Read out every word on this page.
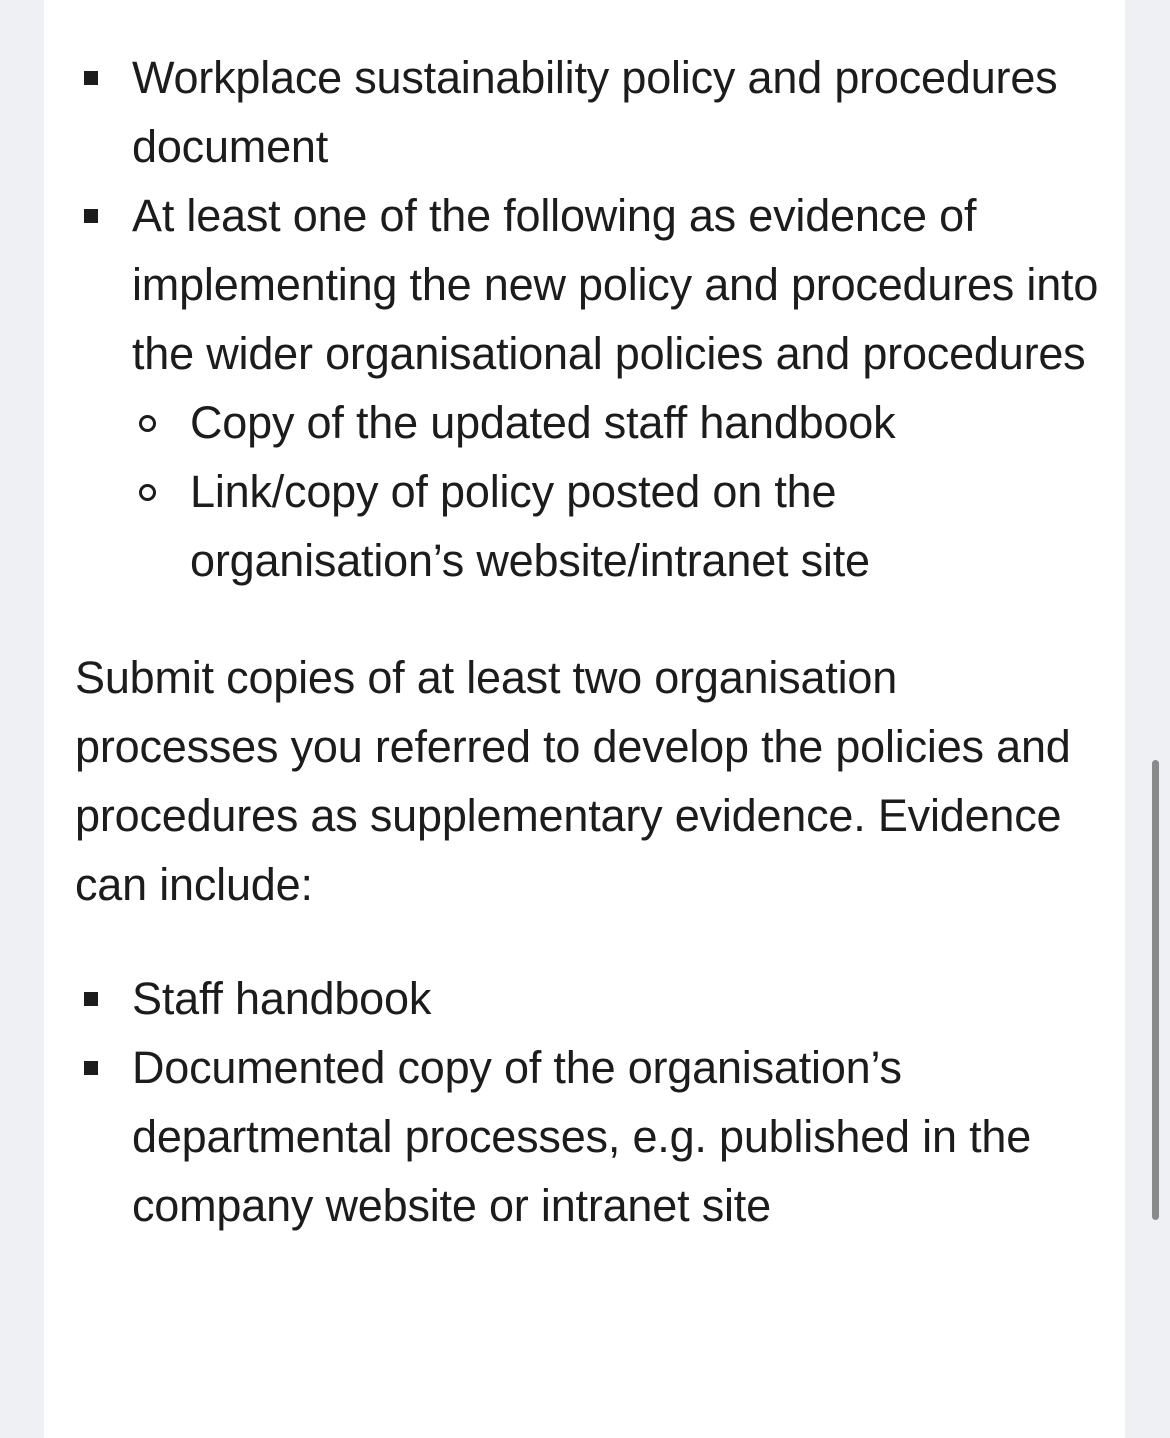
Workplace sustainability policy and procedures document
At least one of the following as evidence of implementing the new policy and procedures into the wider organisational policies and procedures
Copy of the updated staff handbook
Link/copy of policy posted on the organisation’s website/intranet site

Submit copies of at least two organisation processes you referred to develop the policies and procedures as supplementary evidence. Evidence can include:

Staff handbook
Documented copy of the organisation’s departmental processes, e.g. published in the company website or intranet site
